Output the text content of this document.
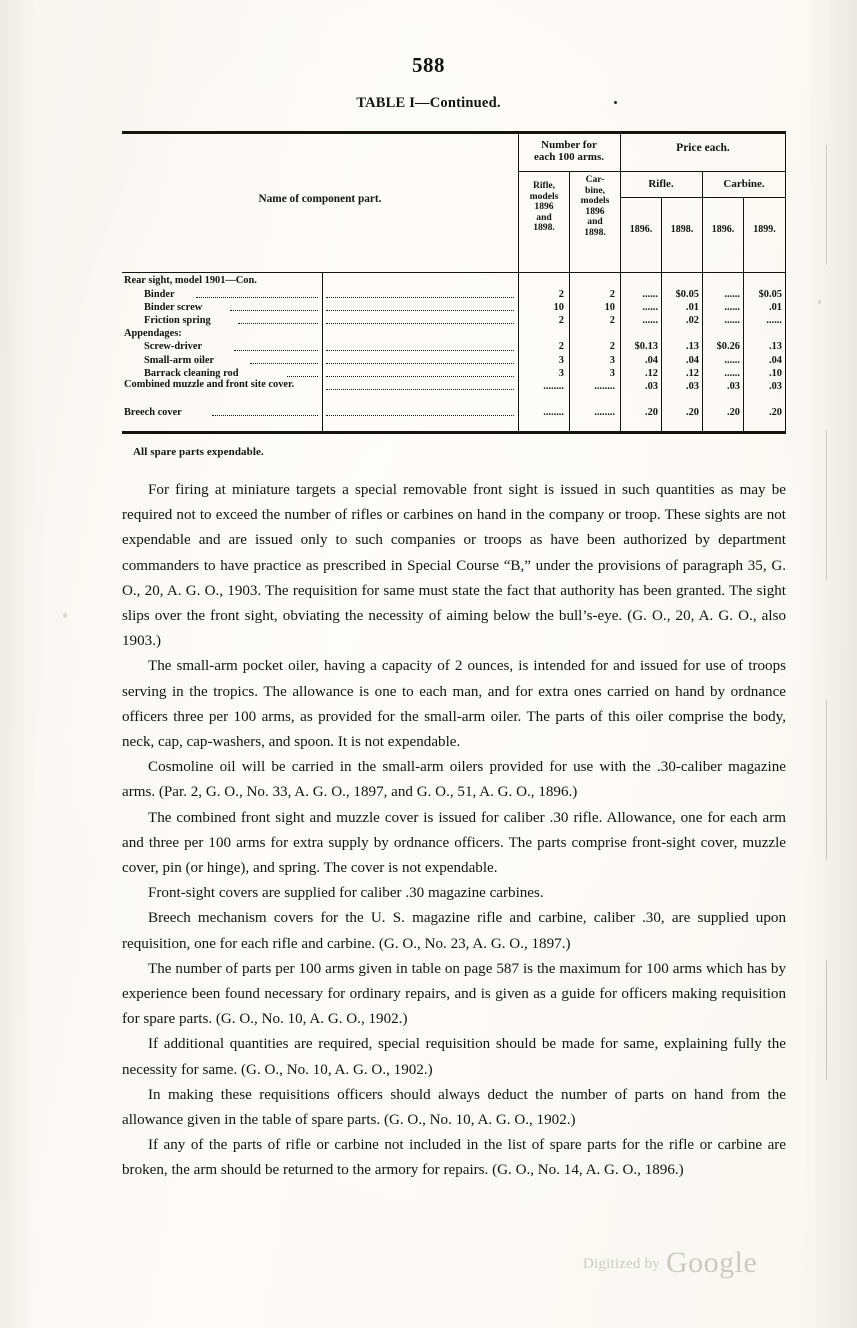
588
TABLE I—Continued.
Number for
each 100 arms.
Price each.
Rifle.	Carbine.
Rifle,
models
1896
and
1898.
Car-
bine,
models
1896
and
1898.	1896.	1898.	1896.	1899.
Name of component part.
Rear sight, model 1901—Con.
Binder	2	2	......	$0.05	......	$0.05
Binder screw	10	10	......	.01	......	.01
Friction spring	2	2	......	.02	......	......
Appendages:
Screw-driver	2	2	$0.13	.13	$0.26	.13
Small-arm oiler	3	3	.04	.04	......	.04
Barrack cleaning rod	3	3	.12	.12	......	.10
Combined muzzle and front site cover.	........	........	.03	.03	.03	.03
Breech cover	........	........	.20	.20	.20	.20
All spare parts expendable.

For firing at miniature targets a special removable front sight is issued in such quantities as may be required not to exceed the number of rifles or carbines on hand in the company or troop. These sights are not expendable and are issued only to such companies or troops as have been authorized by department commanders to have practice as prescribed in Special Course “B,” under the provisions of paragraph 35, G. O., 20, A. G. O., 1903. The requisition for same must state the fact that authority has been granted. The sight slips over the front sight, obviating the necessity of aiming below the bull’s-eye. (G. O., 20, A. G. O., also 1903.)

The small-arm pocket oiler, having a capacity of 2 ounces, is intended for and issued for use of troops serving in the tropics. The allowance is one to each man, and for extra ones carried on hand by ordnance officers three per 100 arms, as provided for the small-arm oiler. The parts of this oiler comprise the body, neck, cap, cap-washers, and spoon. It is not expendable.

Cosmoline oil will be carried in the small-arm oilers provided for use with the .30-caliber magazine arms. (Par. 2, G. O., No. 33, A. G. O., 1897, and G. O., 51, A. G. O., 1896.)

The combined front sight and muzzle cover is issued for caliber .30 rifle. Allowance, one for each arm and three per 100 arms for extra supply by ordnance officers. The parts comprise front-sight cover, muzzle cover, pin (or hinge), and spring. The cover is not expendable.

Front-sight covers are supplied for caliber .30 magazine carbines.

Breech mechanism covers for the U. S. magazine rifle and carbine, caliber .30, are supplied upon requisition, one for each rifle and carbine. (G. O., No. 23, A. G. O., 1897.)

The number of parts per 100 arms given in table on page 587 is the maximum for 100 arms which has by experience been found necessary for ordinary repairs, and is given as a guide for officers making requisition for spare parts. (G. O., No. 10, A. G. O., 1902.)

If additional quantities are required, special requisition should be made for same, explaining fully the necessity for same. (G. O., No. 10, A. G. O., 1902.)

In making these requisitions officers should always deduct the number of parts on hand from the allowance given in the table of spare parts. (G. O., No. 10, A. G. O., 1902.)

If any of the parts of rifle or carbine not included in the list of spare parts for the rifle or carbine are broken, the arm should be returned to the armory for repairs. (G. O., No. 14, A. G. O., 1896.)

Digitized by Google
